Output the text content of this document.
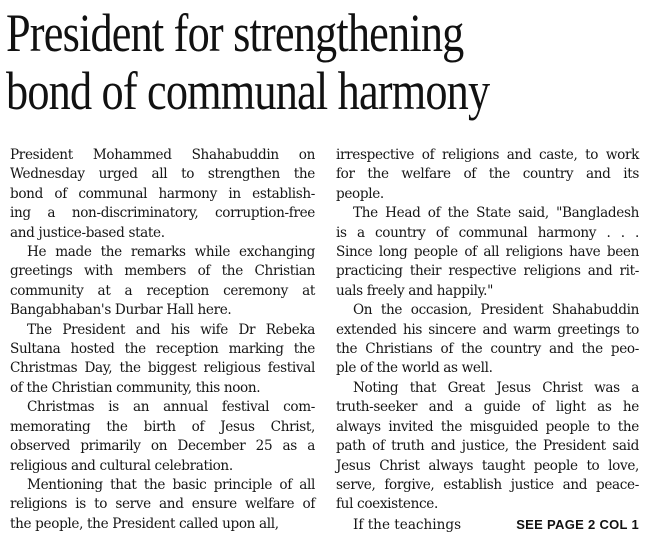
President for strengthening
bond of communal harmony
President Mohammed Shahabuddin on
Wednesday urged all to strengthen the
bond of communal harmony in establish-
ing a non-discriminatory, corruption-free
and justice-based state.
He made the remarks while exchanging
greetings with members of the Christian
community at a reception ceremony at
Bangabhaban's Durbar Hall here.
The President and his wife Dr Rebeka
Sultana hosted the reception marking the
Christmas Day, the biggest religious festival
of the Christian community, this noon.
Christmas is an annual festival com-
memorating the birth of Jesus Christ,
observed primarily on December 25 as a
religious and cultural celebration.
Mentioning that the basic principle of all
religions is to serve and ensure welfare of
the people, the President called upon all,
irrespective of religions and caste, to work
for the welfare of the country and its
people.
The Head of the State said, "Bangladesh
is a country of communal harmony . . .
Since long people of all religions have been
practicing their respective religions and rit-
uals freely and happily."
On the occasion, President Shahabuddin
extended his sincere and warm greetings to
the Christians of the country and the peo-
ple of the world as well.
Noting that Great Jesus Christ was a
truth-seeker and a guide of light as he
always invited the misguided people to the
path of truth and justice, the President said
Jesus Christ always taught people to love,
serve, forgive, establish justice and peace-
ful coexistence.
If the teachings	SEE PAGE 2 COL 1
